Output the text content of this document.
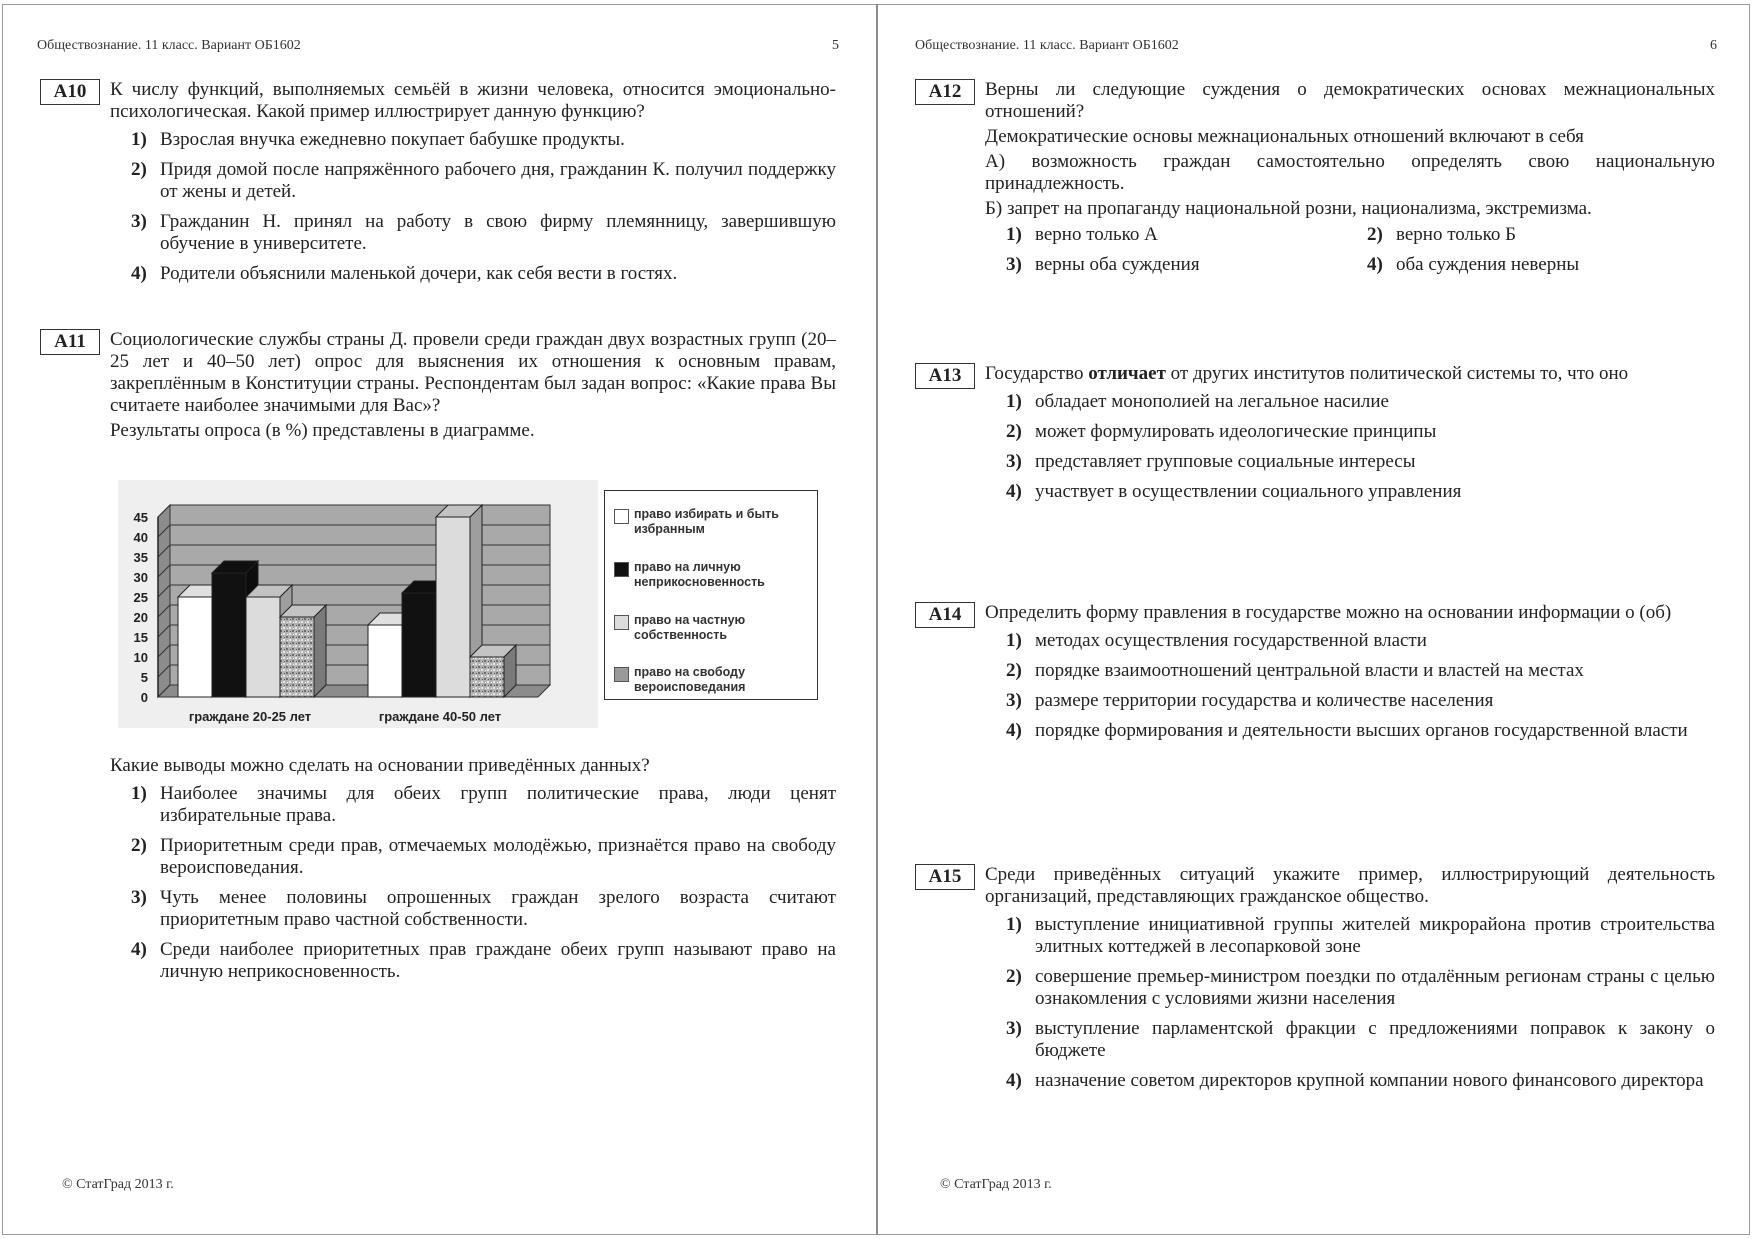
Обществознание. 11 класс. Вариант ОБ1602	5
А10	К числу функций, выполняемых семьёй в жизни человека, относится эмоционально-психологическая. Какой пример иллюстрирует данную функцию?

1) Взрослая внучка ежедневно покупает бабушке продукты.
2) Придя домой после напряжённого рабочего дня, гражданин К. получил поддержку от жены и детей.
3) Гражданин Н. принял на работу в свою фирму племянницу, завершившую обучение в университете.
4) Родители объяснили маленькой дочери, как себя вести в гостях.
А11	Социологические службы страны Д. провели среди граждан двух возрастных групп (20–25 лет и 40–50 лет) опрос для выяснения их отношения к основным правам, закреплённым в Конституции страны. Респондентам был задан вопрос: «Какие права Вы считаете наиболее значимыми для Вас»?

Результаты опроса (в %) представлены в диаграмме.

0
5
10
15
20
25
30
35
40
45
граждане 20-25 лет	граждане 40-50 лет
право избирать и быть
избранным
право на личную
неприкосновенность
право на частную
собственность
право на свободу
вероисповедания

Какие выводы можно сделать на основании приведённых данных?

1) Наиболее значимы для обеих групп политические права, люди ценят избирательные права.
2) Приоритетным среди прав, отмечаемых молодёжью, признаётся право на свободу вероисповедания.
3) Чуть менее половины опрошенных граждан зрелого возраста считают приоритетным право частной собственности.
4) Среди наиболее приоритетных прав граждане обеих групп называют право на личную неприкосновенность.
© СтатГрад 2013 г.
Обществознание. 11 класс. Вариант ОБ1602	6
А12	Верны ли следующие суждения о демократических основах межнациональных отношений?

Демократические основы межнациональных отношений включают в себя

А) возможность граждан самостоятельно определять свою национальную принадлежность.

Б) запрет на пропаганду национальной розни, национализма, экстремизма.

1) верно только А	2) верно только Б
3) верны оба суждения	4) оба суждения неверны
А13	Государство отличает от других институтов политической системы то, что оно

1) обладает монополией на легальное насилие
2) может формулировать идеологические принципы
3) представляет групповые социальные интересы
4) участвует в осуществлении социального управления
А14	Определить форму правления в государстве можно на основании информации о (об)

1) методах осуществления государственной власти
2) порядке взаимоотношений центральной власти и властей на местах
3) размере территории государства и количестве населения
4) порядке формирования и деятельности высших органов государственной власти
А15	Среди приведённых ситуаций укажите пример, иллюстрирующий деятельность организаций, представляющих гражданское общество.

1) выступление инициативной группы жителей микрорайона против строительства элитных коттеджей в лесопарковой зоне
2) совершение премьер-министром поездки по отдалённым регионам страны с целью ознакомления с условиями жизни населения
3) выступление парламентской фракции с предложениями поправок к закону о бюджете
4) назначение советом директоров крупной компании нового финансового директора
© СтатГрад 2013 г.
